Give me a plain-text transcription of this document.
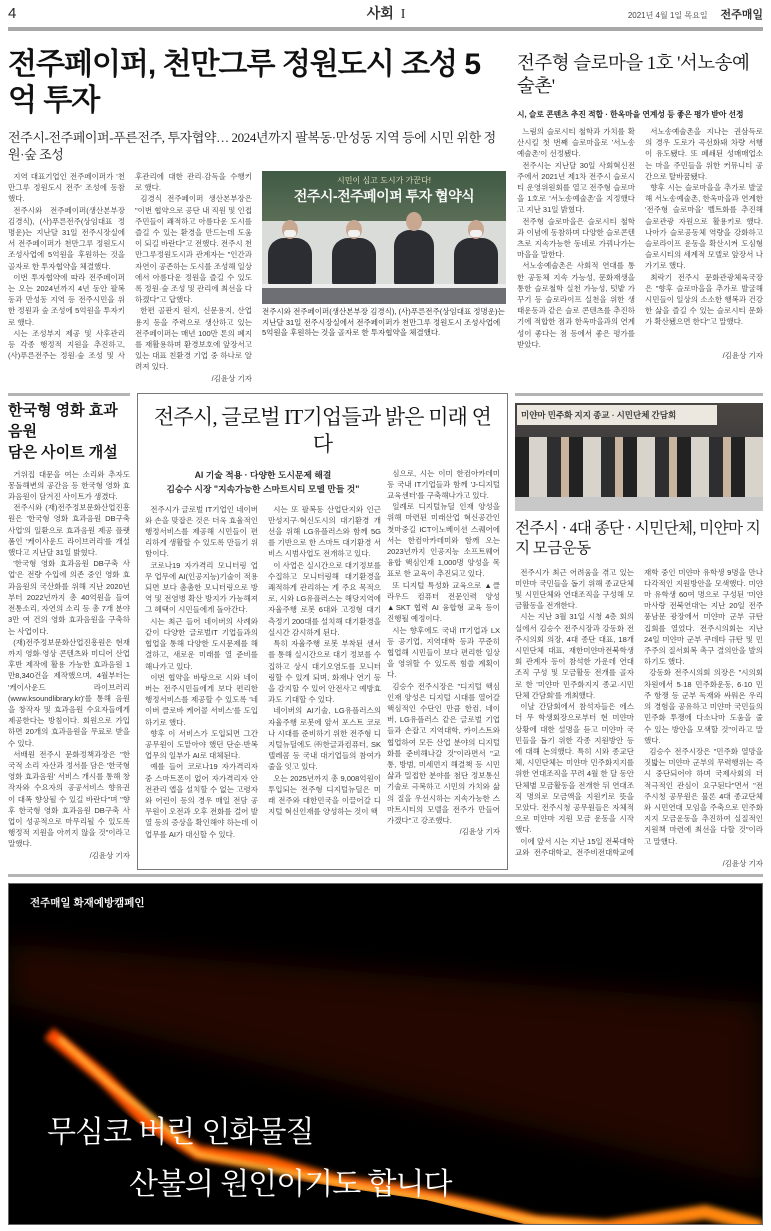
4	사회 I	2021년 4월 1일 목요일	전주매일
전주페이퍼, 천만그루 정원도시 조성 5억 투자
전주시-전주페이퍼-푸른전주, 투자협약… 2024년까지 팔복동·만성동 지역 등에 시민 위한 정원·숲 조성

지역 대표기업인 전주페이퍼가 '천만그루 정원도시 전주' 조성에 동참했다.

전주시와 전주페이퍼(생산본부장 김경식), (사)푸른전주(상임대표 정명운)는 지난달 31일 전주시장실에서 전주페이퍼가 천만그루 정원도시 조성사업에 5억원을 후원하는 것을 골자로 한 투자협약을 체결했다.

이번 투자협약에 따라 전주페이퍼는 오는 2024년까지 4년 동안 팔복동과 만성동 지역 등 전주시민을 위한 정원과 숲 조성에 5억원을 투자키로 했다.

시는 조성부지 제공 및 사후관리 등 각종 행정적 지원을 추진하고, (사)푸른전주는 정원·숲 조성 및 사후관리에 대한 관리·감독을 수행키로 했다.

김경식 전주페이퍼 생산본부장은 "이번 협약으로 공단 내 직원 및 인접 주민들이 쾌적하고 아름다운 도시를 즐길 수 있는 환경을 만드는데 도움이 되길 바란다"고 전했다. 전주시 천만그루정원도시과 관계자는 "인간과 자연이 공존하는 도시를 조성해 일상에서 아름다운 정원을 즐길 수 있도록 정원·숲 조성 및 관리에 최선을 다하겠다"고 답했다.

한편 골판지 원지, 신문용지, 산업용지 등을 주력으로 생산하고 있는 전주페이퍼는 매년 100만 톤의 폐지를 재활용하며 환경보호에 앞장서고 있는 대표 친환경 기업 중 하나로 알려져 있다.

/김윤상 기자
시민이 심고 도시가 가꾼다!
전주시-전주페이퍼 투자 협약식
전주시와 전주페이퍼(생산본부장 김경식), (사)푸른전주(상임대표 정명운)는 지난달 31일 전주시장실에서 전주페이퍼가 천만그루 정원도시 조성사업에 5억원을 후원하는 것을 골자로 한 투자협약을 체결했다.
전주형 슬로마을 1호 '서노송예술촌'
시, 슬로 콘텐츠 추진 적합 · 한옥마을 연계성 등 좋은 평가 받아 선정

느림의 슬로시티 철학과 가치를 확산시킬 첫 번째 슬로마을로 '서노송예술촌'이 선정됐다.

전주시는 지난달 30일 사회혁신전주에서 2021년 제1차 전주시 슬로시티 운영위원회를 열고 전주형 슬로마을 1호로 '서노송예술촌'을 지정했다고 지난 31일 밝혔다.

전주형 슬로마을은 슬로시티 철학과 이념에 동참하며 다양한 슬로콘텐츠로 지속가능한 동네로 가꿔나가는 마을을 말한다.

서노송예술촌은 사회적 연대를 통한 공동체 지속 가능성, 문화재생을 통한 슬로철학 실천 가능성, 텃밭 가꾸기 등 슬로라이프 실천을 위한 생태운동과 같은 슬로 콘텐츠를 추진하기에 적합한 점과 한옥마을과의 연계성이 좋다는 점 등에서 좋은 평가를 받았다.

서노송예술촌을 지나는 권삼득로의 경우 도로가 곡선화돼 차량 서행이 유도됐다. 또 폐쇄된 성매매업소는 마을 주민들을 위한 커뮤니티 공간으로 탈바꿈됐다.

향후 시는 슬로마을을 추가로 발굴해 서노송예술촌, 한옥마을과 연계한 '전주형 슬로마을' 벨트화를 추진해 슬로관광 자원으로 활용키로 했다. 나아가 슬로공동체 역량을 강화하고 슬로라이프 운동을 확산시켜 도심형 슬로시티의 세계적 모델로 앞장서 나가기로 했다.

최락기 전주시 문화관광체육국장은 "향후 슬로마을을 추가로 발굴해 시민들이 일상의 소소한 행복과 건강한 삶을 즐길 수 있는 슬로시티 문화가 확산됐으면 한다"고 말했다.

/김윤상 기자
한국형 영화 효과음원
담은 사이트 개설

거위집 대문을 여는 소리와 추자도 몽돌해변의 공간음 등 한국형 영화 효과음원이 담겨진 사이트가 생겼다.

전주시와 (재)전주정보문화산업진흥원은 '한국형 영화 효과음원 DB구축 사업'의 일환으로 효과음원 제공 플랫폼인 '케이사운드 라이브러리'를 개설했다고 지난달 31일 밝혔다.

'한국형 영화 효과음원 DB구축 사업'은 전량 수입에 의존 중인 영화 효과음원의 국산화를 위해 지난 2020년부터 2022년까지 총 40억원을 들여 전통소리, 자연의 소리 등 총 7개 분야 3만 여 건의 영화 효과음원을 구축하는 사업이다.

(재)전주정보문화산업진흥원은 현재까지 영화·영상 콘텐츠와 미디어 산업 후반 제작에 활용 가능한 효과음원 1만8,340건을 제작했으며, 4월부터는 '케이사운드 라이브러리(www.ksoundlibrary.kr)'를 통해 음원을 창작자 및 효과음원 수요자들에게 제공한다는 방침이다. 회원으로 가입하면 20개의 효과음원을 무료로 받을 수 있다.

서배원 전주시 문화정책과장은 "한국적 소리 자산과 정서를 담은 '한국형 영화 효과음원' 서비스 개시를 통해 창작자와 수요자의 공공서비스 향유권이 대폭 향상될 수 있길 바란다"며 "향후 한국형 영화 효과음원 DB구축 사업이 성공적으로 마무리될 수 있도록 행정적 지원을 아끼지 않을 것"이라고 말했다.

/김윤상 기자
전주시, 글로벌 IT기업들과 밝은 미래 연다
AI 기술 적용 · 다양한 도시문제 해결
김승수 시장 "지속가능한 스마트시티 모델 만들 것"

전주시가 글로벌 IT기업인 네이버와 손을 맞잡은 것은 더욱 효율적인 행정서비스를 제공해 시민들이 편리하게 생활할 수 있도록 만들기 위함이다.

코로나19 자가격리 모니터링 업무 업무에 AI(인공지능)기술이 적용되면 보다 촘촘한 모니터링으로 방역 및 전염병 확산 방지가 가능해져 그 혜택이 시민들에게 돌아간다.

시는 최근 들어 네이버의 사례와 같이 다양한 글로벌IT 기업들과의 협업을 통해 다양한 도시문제를 해결하고, 새로운 미래를 열 준비를 해나가고 있다.

이번 협약을 바탕으로 시와 네이버는 전주시민들에게 보다 편리한 행정서비스를 제공할 수 있도록 '네이버 클로바 케어콜 서비스'를 도입하기로 했다.

향후 이 서비스가 도입되면 그간 공무원이 도맡아야 했던 단순·반복 업무의 일부가 AI로 대체된다.

예를 들어 코로나19 자가격리자 중 스마트폰이 없어 자가격리자 안전관리 앱을 설치할 수 없는 고령자와 어린이 등의 경우 매일 전담 공무원이 오전과 오후 전화를 걸어 발열 등의 증상을 확인해야 하는데 이 업무를 AI가 대신할 수 있다.

시는 또 팔복동 산업단지와 인근 만성지구·혁신도시의 대기환경 개선을 위해 LG유플러스와 함께 5G를 기반으로 한 스마트 대기환경 서비스 시범사업도 전개하고 있다.

이 사업은 실시간으로 대기정보를 수집하고 모니터링해 대기환경을 쾌적하게 관리하는 게 주요 목적으로, 시와 LG유플러스는 해당지역에 자율주행 로봇 6대와 고정형 대기측정기 200대를 설치해 대기환경을 실시간 감시하게 된다.

특히 자율주행 로봇 부착된 센서를 통해 실시간으로 대기 정보를 수집하고 상시 대기오염도를 모니터링할 수 있게 되며, 화재나 연기 등을 감지할 수 있어 안전사고 예방효과도 기대할 수 있다.

네이버의 AI기술, LG유플러스의 자율주행 로봇에 앞서 포스트 코로나 시대를 준비하기 위한 전주형 디지털뉴딜에도 ㈜한글과컴퓨터, SK텔레콤 등 국내 대기업들의 참여가 줄을 잇고 있다.

오는 2025년까지 총 9,008억원이 투입되는 전주형 디지털뉴딜은 미래 전주와 대한민국을 이끌어갈 디지털 혁신인재를 양성하는 것이 핵

심으로, 시는 이미 한컴아카데미 등 국내 IT기업들과 함께 'J-디지털교육센터'를 구축해나가고 있다.

일례로 디지털뉴딜 인재 양성을 위해 마련된 미래산업 혁신공간인 첫마중길 ICT이노베이션 스퀘어에서는 한컴아카데미와 함께 오는 2023년까지 인공지능 소프트웨어 융합 핵심인재 1,000명 양성을 목표로 한 교육이 추진되고 있다.

또 디지털 특성화 교육으로 ▲클라우드 컴퓨터 전문인력 양성 ▲SKT 협력 AI 융합형 교육 등이 진행될 예정이다.

시는 향후에도 국내 IT기업과 LX 등 공기업, 지역대학 등과 꾸준히 협업해 시민들이 보다 편리한 일상을 영위할 수 있도록 힘쓸 계획이다.

김승수 전주시장은 "디지털 핵심인재 양성은 디지털 시대를 열어갈 핵심적인 수단인 만큼 한컴, 네이버, LG유플러스 같은 글로벌 기업들과 손잡고 지역대학, 카이스트와 협업하여 모든 산업 분야의 디지털화를 준비해나갈 것"이라면서 "교통, 방범, 미세먼지 해결책 등 시민 삶과 밀접한 분야를 첨단 정보통신 기술로 극복하고 시민의 가치와 삶의 질을 우선시하는 지속가능한 스마트시티의 모델을 전주가 만들어 가겠다"고 강조했다.

/김윤상 기자
미얀마 민주화 지지 종교 · 시민단체 간담회
전주시 · 4대 종단 · 시민단체, 미얀마 지지 모금운동

전주시가 최근 어려움을 겪고 있는 미얀마 국민들을 돕기 위해 종교단체 및 시민단체와 연대조직을 구성해 모금활동을 전개한다.

시는 지난 3월 31일 시청 4층 회의실에서 김승수 전주시장과 강동화 전주시의회 의장, 4대 종단 대표, 18개 시민단체 대표, 재한미얀마전북학생회 관계자 등이 참석한 가운데 연대조직 구성 및 모금활동 전개를 골자로 한 '미얀마 민주화지지 종교·시민단체 간담회'를 개최했다.

이날 간담회에서 참석자들은 에스더 무 학생회장으로부터 현 미얀마 상황에 대한 설명을 듣고 미얀마 국민들을 돕기 위한 각종 지원방안 등에 대해 논의했다. 특히 시와 종교단체, 시민단체는 미얀마 민주화지지를 위한 연대조직을 꾸려 4월 한 달 동안 단체별 모금활동을 전개한 뒤 연대조직 명의로 모금액을 지원키로 뜻을 모았다. 전주시청 공무원들은 자체적으로 미얀마 지원 모금 운동을 시작했다.

이에 앞서 시는 지난 15일 전북대학교와 전주대학교, 전주비전대학교에 재학 중인 미얀마 유학생 9명을 만나 다각적인 지원방안을 모색했다. 미얀마 유학생 60여 명으로 구성된 '미얀마사랑 전북연대'는 지난 20일 전주 풍남문 광장에서 미얀마 군부 규탄 집회를 열었다. 전주시의회는 지난 24일 미얀마 군부 쿠데타 규탄 및 민주주의 질서회복 촉구 결의안을 발의하기도 했다.

강동화 전주시의회 의장은 "시의회 차원에서 5·18 민주화운동, 6·10 민주 항쟁 등 군부 독재와 싸워온 우리의 경험을 공유하고 미얀마 국민들의 민주화 투쟁에 다소나마 도움을 줄 수 있는 방안을 모색할 것"이라고 말했다.

김승수 전주시장은 "민주화 열망을 짓밟는 미얀마 군부의 무력행위는 즉시 중단되어야 하며 국제사회의 더 적극적인 관심이 요구된다"면서 "전주시청 공무원은 물론 4대 종교단체와 시민연대 모임을 주축으로 민주화 지지 모금운동을 추진하여 실질적인 지원책 마련에 최선을 다할 것"이라고 말했다.

/김윤상 기자
전주매일 화재예방캠페인
무심코 버린 인화물질
산불의 원인이기도 합니다
